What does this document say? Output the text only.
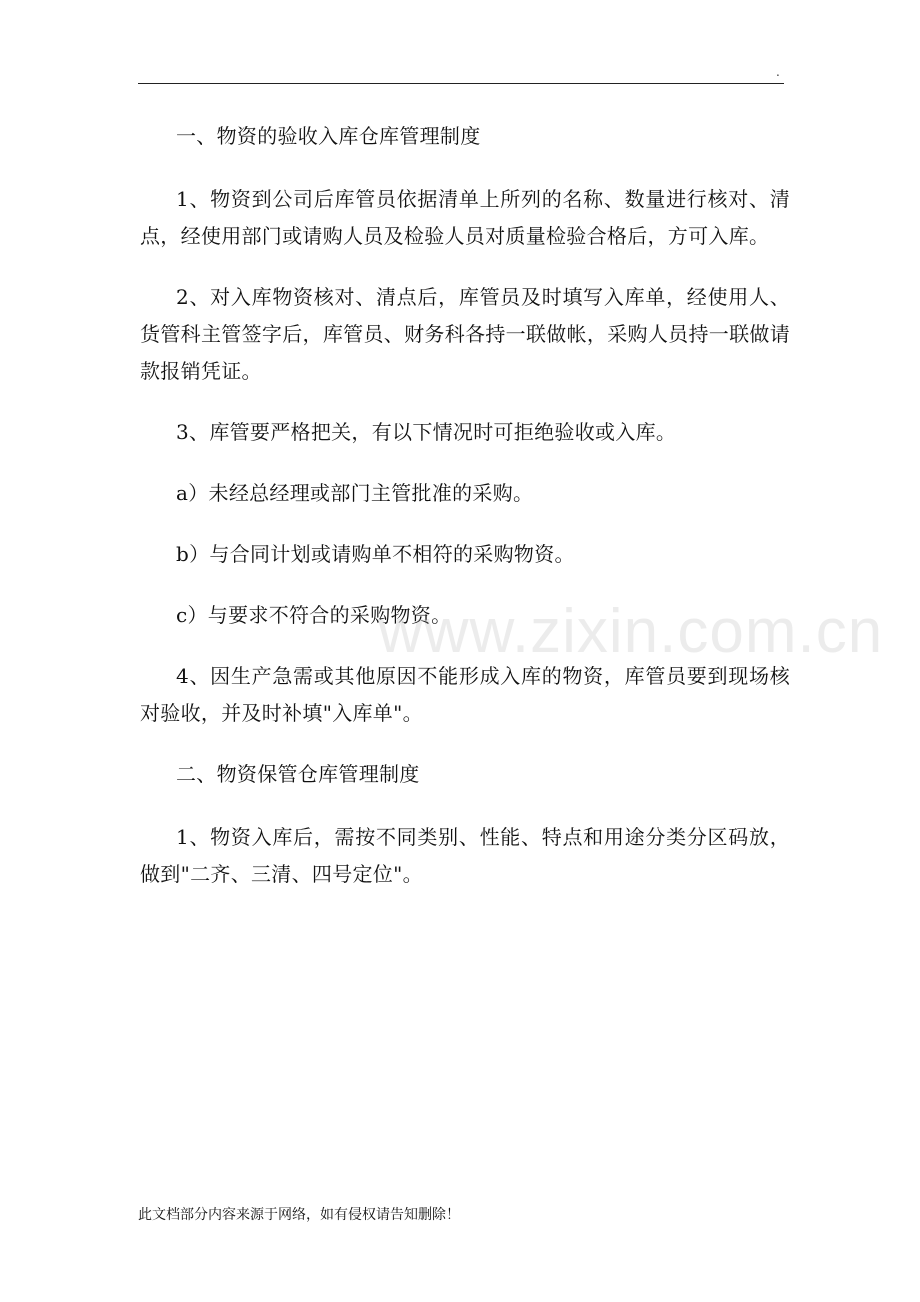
.

一、物资的验收入库仓库管理制度

1、物资到公司后库管员依据清单上所列的名称、数量进行核对、清点，经使用部门或请购人员及检验人员对质量检验合格后，方可入库。

2、对入库物资核对、清点后，库管员及时填写入库单，经使用人、货管科主管签字后，库管员、财务科各持一联做帐，采购人员持一联做请款报销凭证。

3、库管要严格把关，有以下情况时可拒绝验收或入库。

a）未经总经理或部门主管批准的采购。

b）与合同计划或请购单不相符的采购物资。

c）与要求不符合的采购物资。

4、因生产急需或其他原因不能形成入库的物资，库管员要到现场核对验收，并及时补填"入库单"。

二、物资保管仓库管理制度

1、物资入库后，需按不同类别、性能、特点和用途分类分区码放，做到"二齐、三清、四号定位"。

www.zixin.com.cn
此文档部分内容来源于网络，如有侵权请告知删除！
